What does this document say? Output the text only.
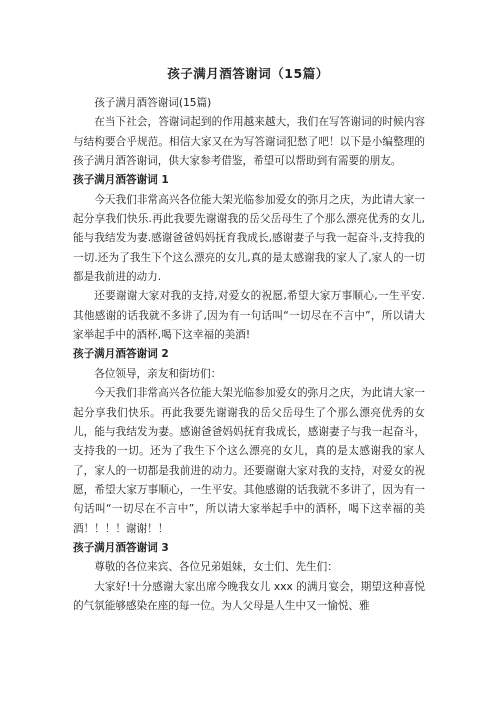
孩子满月酒答谢词（15篇）

孩子满月酒答谢词(15篇)

在当下社会，答谢词起到的作用越来越大，我们在写答谢词的时候内容与结构要合乎规范。相信大家又在为写答谢词犯愁了吧！以下是小编整理的孩子满月酒答谢词，供大家参考借鉴，希望可以帮助到有需要的朋友。

孩子满月酒答谢词 1

今天我们非常高兴各位能大架光临参加爱女的弥月之庆，为此请大家一起分享我们快乐.再此我要先谢谢我的岳父岳母生了个那么漂亮优秀的女儿,能与我结发为妻.感谢爸爸妈妈抚育我成长,感谢妻子与我一起奋斗,支持我的一切.还为了我生下个这么漂亮的女儿,真的是太感谢我的家人了,家人的一切都是我前进的动力.

还要谢谢大家对我的支持,对爱女的祝愿,希望大家万事顺心,一生平安.其他感谢的话我就不多讲了,因为有一句话叫“一切尽在不言中”，所以请大家举起手中的酒杯,喝下这幸福的美酒!

孩子满月酒答谢词 2

各位领导，亲友和街坊们：

今天我们非常高兴各位能大架光临参加爱女的弥月之庆，为此请大家一起分享我们快乐。再此我要先谢谢我的岳父岳母生了个那么漂亮优秀的女儿，能与我结发为妻。感谢爸爸妈妈抚育我成长，感谢妻子与我一起奋斗，支持我的一切。还为了我生下个这么漂亮的女儿，真的是太感谢我的家人了，家人的一切都是我前进的动力。还要谢谢大家对我的支持，对爱女的祝愿，希望大家万事顺心，一生平安。其他感谢的话我就不多讲了，因为有一句话叫“一切尽在不言中”，所以请大家举起手中的酒杯，喝下这幸福的美酒！！！！谢谢！！

孩子满月酒答谢词 3

尊敬的各位来宾、各位兄弟姐妹，女士们、先生们：

大家好!十分感谢大家出席今晚我女儿 xxx 的满月宴会，期望这种喜悦的气氛能够感染在座的每一位。为人父母是人生中又一愉悦、雅
